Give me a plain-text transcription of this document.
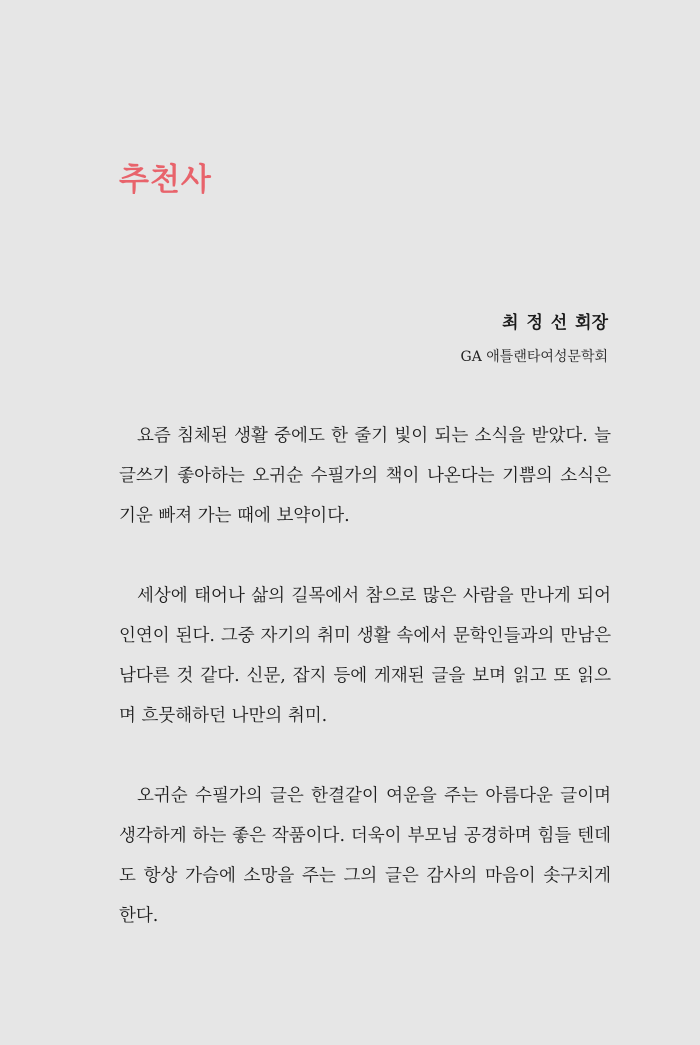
추천사
최 정 선 회장
GA 애틀랜타여성문학회

요즘 침체된 생활 중에도 한 줄기 빛이 되는 소식을 받았다. 늘 글쓰기 좋아하는 오귀순 수필가의 책이 나온다는 기쁨의 소식은 기운 빠져 가는 때에 보약이다.

세상에 태어나 삶의 길목에서 참으로 많은 사람을 만나게 되어 인연이 된다. 그중 자기의 취미 생활 속에서 문학인들과의 만남은 남다른 것 같다. 신문, 잡지 등에 게재된 글을 보며 읽고 또 읽으며 흐뭇해하던 나만의 취미.

오귀순 수필가의 글은 한결같이 여운을 주는 아름다운 글이며 생각하게 하는 좋은 작품이다. 더욱이 부모님 공경하며 힘들 텐데도 항상 가슴에 소망을 주는 그의 글은 감사의 마음이 솟구치게 한다.
